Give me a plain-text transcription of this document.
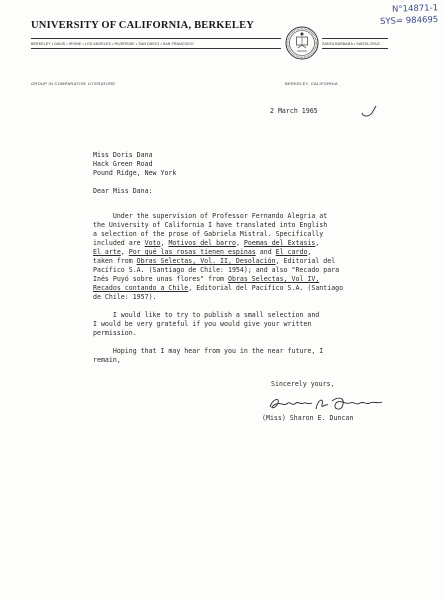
UNIVERSITY OF CALIFORNIA, BERKELEY
BERKELEY • DAVIS • IRVINE • LOS ANGELES • RIVERSIDE • SAN DIEGO • SAN FRANCISCO	SANTA BARBARA • SANTA CRUZ
GROUP IN COMPARATIVE LITERATURE	BERKELEY, CALIFORNIA
N°14871-1
SYS= 984695
2 March 1965
Miss Doris Dana
Hack Green Road
Pound Ridge, New York
Dear Miss Dana:
Under the supervision of Professor Fernando Alegria at
the University of California I have translated into English
a selection of the prose of Gabriela Mistral. Specifically
included are Voto, Motivos del barro, Poemas del Extasis,
El arte, Por qué las rosas tienen espinas and El cardo,
taken from Obras Selectas, Vol. II, Desolación, Editorial del
Pacífico S.A. (Santiago de Chile: 1954); and also "Recado para
Inés Puyó sobre unas flores" from Obras Selectas, Vol IV,
Recados contando a Chile, Editorial del Pacífico S.A. (Santiago
de Chile: 1957).

I would like to try to publish a small selection and
I would be very grateful if you would give your written
permission.

Hoping that I may hear from you in the near future, I
remain,
Sincerely yours,
(Miss) Sharon E. Duncan
